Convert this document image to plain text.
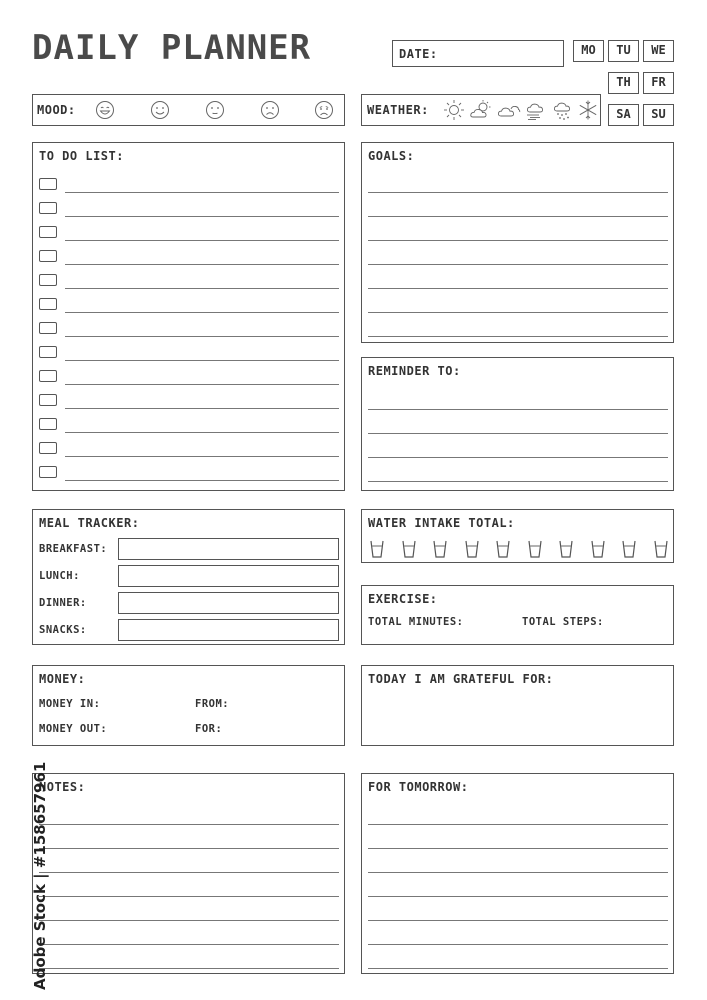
DAILY PLANNER	DATE:	MO	TU	WE
TH	FR
SA	SU
MOOD:	WEATHER:
TO DO LIST:	GOALS:
REMINDER TO:
MEAL TRACKER:
BREAKFAST:
LUNCH:
DINNER:
SNACKS:
WATER INTAKE TOTAL:
EXERCISE:
TOTAL MINUTES:	TOTAL STEPS:
MONEY:
MONEY IN:	FROM:
MONEY OUT:	FOR:
TODAY I AM GRATEFUL FOR:
NOTES:	FOR TOMORROW:
Adobe Stock | #158657961
